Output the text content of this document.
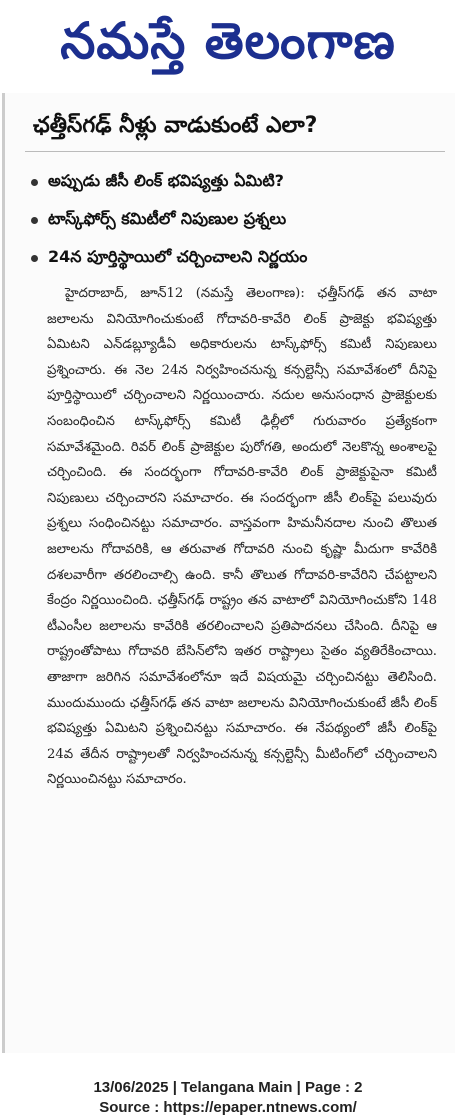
నమస్తే తెలంగాణ
ఛత్తీస్‌గఢ్ నీళ్లు వాడుకుంటే ఎలా?
అప్పుడు జీసీ లింక్ భవిష్యత్తు ఏమిటి?
టాస్క్‌ఫోర్స్ కమిటీలో నిపుణుల ప్రశ్నలు
24న పూర్తిస్థాయిలో చర్చించాలని నిర్ణయం

హైదరాబాద్, జూన్12 (నమస్తే తెలంగాణ): ఛత్తీస్‌గఢ్ తన వాటా జలాలను వినియోగించుకుంటే గోదావరి-కావేరి లింక్ ప్రాజెక్టు భవిష్యత్తు ఏమిటని ఎన్‌డబ్ల్యూడీఏ అధికారులను టాస్క్‌ఫోర్స్ కమిటీ నిపుణులు ప్రశ్నించారు. ఈ నెల 24న నిర్వహించనున్న కన్సల్టెన్సీ సమావేశంలో దీనిపై పూర్తిస్థాయిలో చర్చించాలని నిర్ణయించారు. నదుల అనుసంధాన ప్రాజెక్టులకు సంబంధించిన టాస్క్‌ఫోర్స్ కమిటీ ఢిల్లీలో గురువారం ప్రత్యేకంగా సమావేశమైంది. రివర్ లింక్ ప్రాజెక్టుల పురోగతి, అందులో నెలకొన్న అంశాలపై చర్చించింది. ఈ సందర్భంగా గోదావరి-కావేరి లింక్ ప్రాజెక్టుపైనా కమిటీ నిపుణులు చర్చించారని సమాచారం. ఈ సందర్భంగా జీసీ లింక్‌పై పలువురు ప్రశ్నలు సంధించినట్టు సమాచారం. వాస్తవంగా హిమనీనదాల నుంచి తొలుత జలాలను గోదావరికి, ఆ తరువాత గోదావరి నుంచి కృష్ణా మీదుగా కావేరికి దశలవారీగా తరలించాల్సి ఉంది. కానీ తొలుత గోదావరి-కావేరిని చేపట్టాలని కేంద్రం నిర్ణయించింది. ఛత్తీస్‌గఢ్ రాష్ట్రం తన వాటాలో వినియోగించుకోని 148 టీఎంసీల జలాలను కావేరికి తరలించాలని ప్రతిపాదనలు చేసింది. దీనిపై ఆ రాష్ట్రంతోపాటు గోదావరి బేసిన్‌లోని ఇతర రాష్ట్రాలు సైతం వ్యతిరేకించాయి. తాజాగా జరిగిన సమావేశంలోనూ ఇదే విషయమై చర్చించినట్టు తెలిసింది. ముందుముందు ఛత్తీస్‌గఢ్ తన వాటా జలాలను వినియోగించుకుంటే జీసీ లింక్ భవిష్యత్తు ఏమిటని ప్రశ్నించినట్టు సమాచారం. ఈ నేపథ్యంలో జీసీ లింక్‌పై 24వ తేదీన రాష్ట్రాలతో నిర్వహించనున్న కన్సల్టెన్సీ మీటింగ్‌లో చర్చించాలని నిర్ణయించినట్టు సమాచారం.

13/06/2025 | Telangana Main | Page : 2
Source : https://epaper.ntnews.com/
